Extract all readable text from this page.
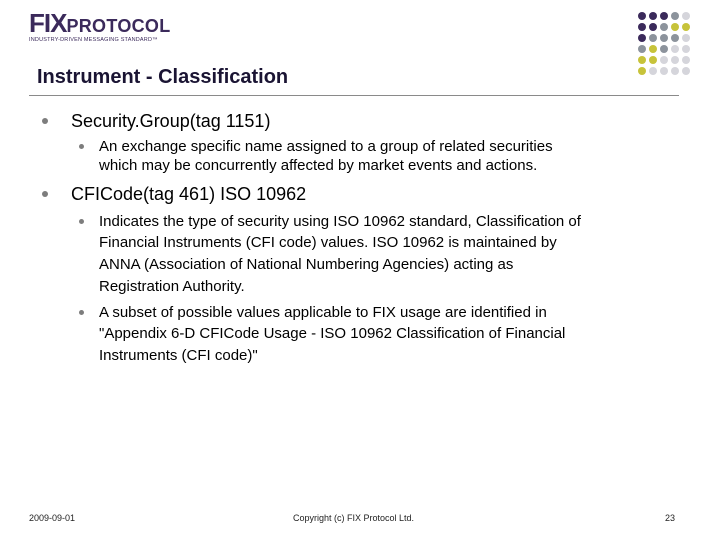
FIXPROTOCOL
INDUSTRY-DRIVEN MESSAGING STANDARD™
Instrument - Classification
Security.Group(tag 1151)
An exchange specific name assigned to a group of related securities
which may be concurrently affected by market events and actions.
CFICode(tag 461) ISO 10962
Indicates the type of security using ISO 10962 standard, Classification of
Financial Instruments (CFI code) values. ISO 10962 is maintained by
ANNA (Association of National Numbering Agencies) acting as
Registration Authority.
A subset of possible values applicable to FIX usage are identified in
"Appendix 6-D CFICode Usage - ISO 10962 Classification of Financial
Instruments (CFI code)"
2009-09-01	Copyright (c) FIX Protocol Ltd.	23
